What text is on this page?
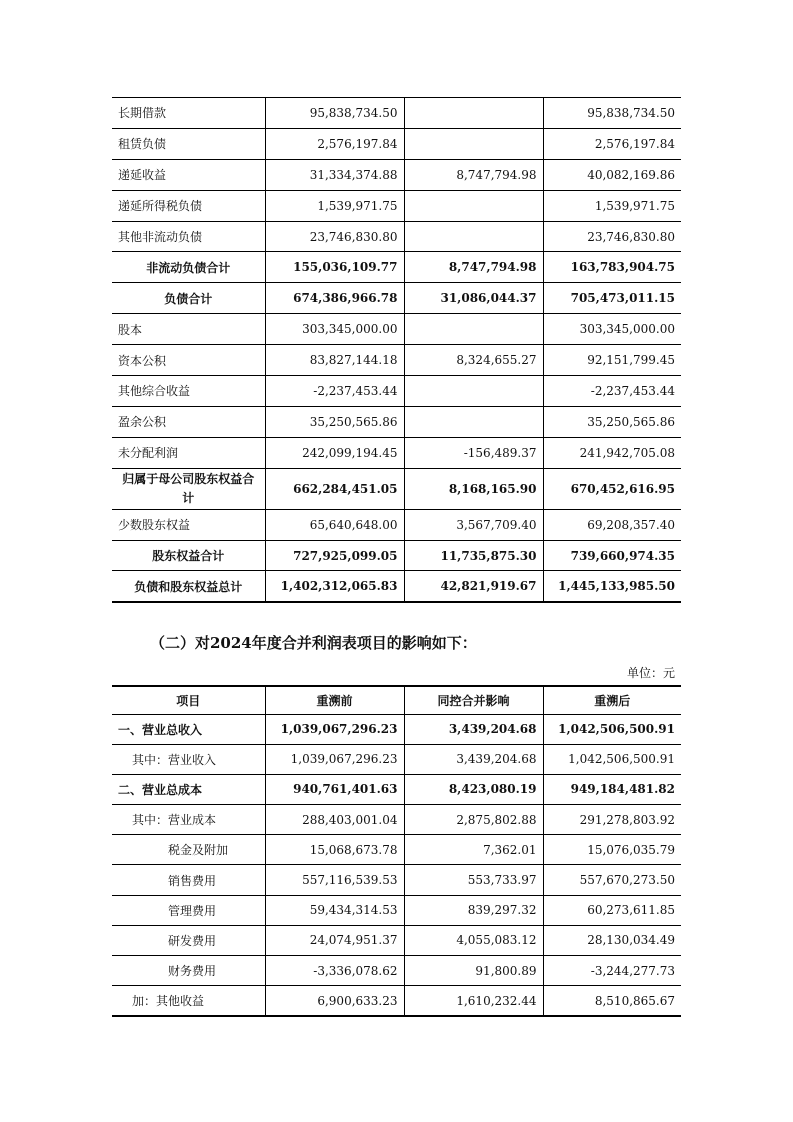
长期借款	95,838,734.50		95,838,734.50
租赁负债	2,576,197.84		2,576,197.84
递延收益	31,334,374.88	8,747,794.98	40,082,169.86
递延所得税负债	1,539,971.75		1,539,971.75
其他非流动负债	23,746,830.80		23,746,830.80
非流动负债合计	155,036,109.77	8,747,794.98	163,783,904.75
负债合计	674,386,966.78	31,086,044.37	705,473,011.15
股本	303,345,000.00		303,345,000.00
资本公积	83,827,144.18	8,324,655.27	92,151,799.45
其他综合收益	-2,237,453.44		-2,237,453.44
盈余公积	35,250,565.86		35,250,565.86
未分配利润	242,099,194.45	-156,489.37	241,942,705.08
归属于母公司股东权益合计	662,284,451.05	8,168,165.90	670,452,616.95
少数股东权益	65,640,648.00	3,567,709.40	69,208,357.40
股东权益合计	727,925,099.05	11,735,875.30	739,660,974.35
负债和股东权益总计	1,402,312,065.83	42,821,919.67	1,445,133,985.50
（二）对2024年度合并利润表项目的影响如下：
单位：元
项目	重溯前	同控合并影响	重溯后
一、营业总收入	1,039,067,296.23	3,439,204.68	1,042,506,500.91
其中：营业收入	1,039,067,296.23	3,439,204.68	1,042,506,500.91
二、营业总成本	940,761,401.63	8,423,080.19	949,184,481.82
其中：营业成本	288,403,001.04	2,875,802.88	291,278,803.92
税金及附加	15,068,673.78	7,362.01	15,076,035.79
销售费用	557,116,539.53	553,733.97	557,670,273.50
管理费用	59,434,314.53	839,297.32	60,273,611.85
研发费用	24,074,951.37	4,055,083.12	28,130,034.49
财务费用	-3,336,078.62	91,800.89	-3,244,277.73
加：其他收益	6,900,633.23	1,610,232.44	8,510,865.67
